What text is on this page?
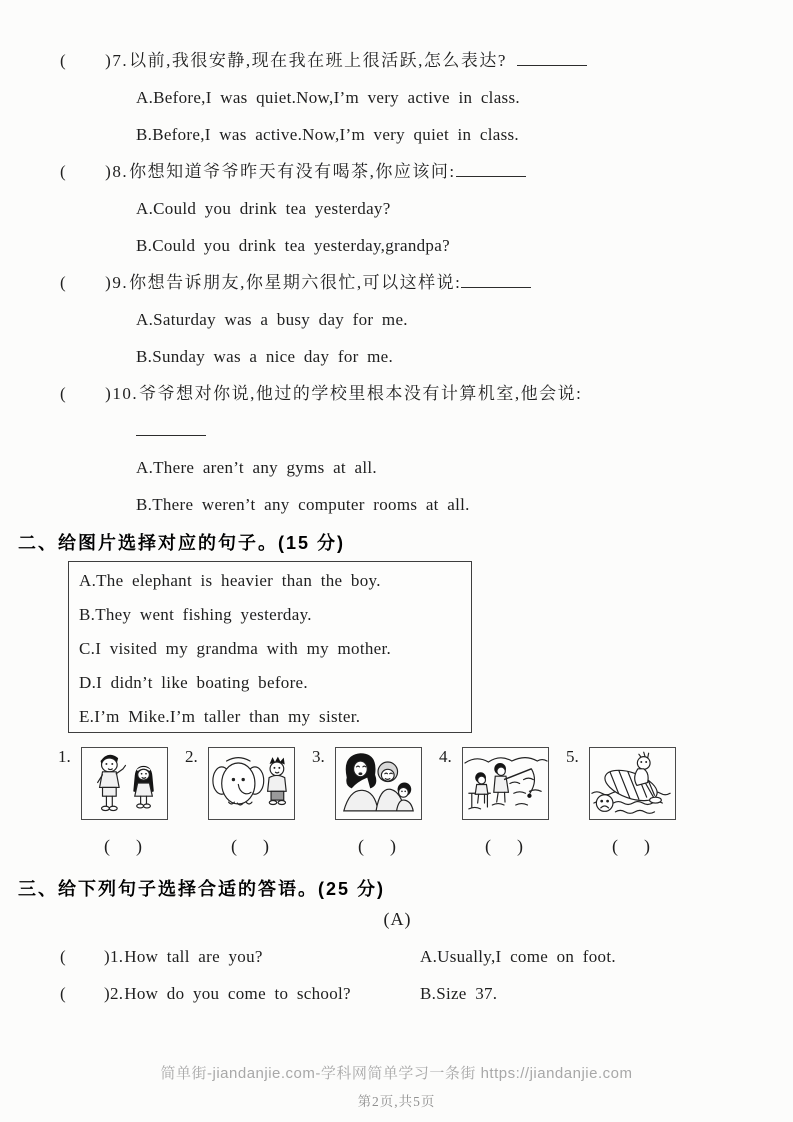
( )7.以前,我很安静,现在我在班上很活跃,怎么表达?
A.Before,I was quiet.Now,I’m very active in class.
B.Before,I was active.Now,I’m very quiet in class.
( )8.你想知道爷爷昨天有没有喝茶,你应该问:
A.Could you drink tea yesterday?
B.Could you drink tea yesterday,grandpa?
( )9.你想告诉朋友,你星期六很忙,可以这样说:
A.Saturday was a busy day for me.
B.Sunday was a nice day for me.
( )10.爷爷想对你说,他过的学校里根本没有计算机室,他会说:
A.There aren’t any gyms at all.
B.There weren’t any computer rooms at all.
二、给图片选择对应的句子。(15 分)
A.The elephant is heavier than the boy.
B.They went fishing yesterday.
C.I visited my grandma with my mother.
D.I didn’t like boating before.
E.I’m Mike.I’m taller than my sister.
1.	2.	3.	4.	5.
( )	( )	( )	( )	( )
三、给下列句子选择合适的答语。(25 分)
(A)
( )1.How tall are you?	A.Usually,I come on foot.
( )2.How do you come to school?	B.Size 37.
简单街-jiandanjie.com-学科网简单学习一条街 https://jiandanjie.com
第2页,共5页
